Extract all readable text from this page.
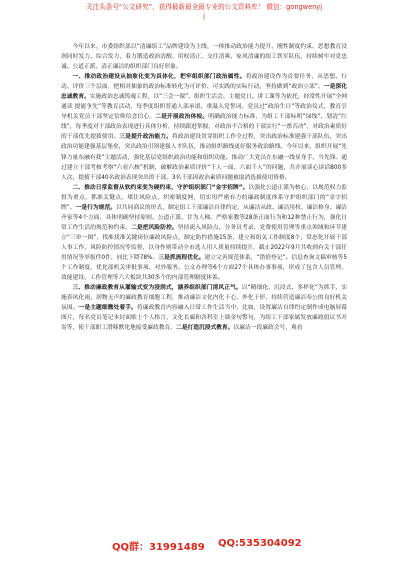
关注头条号“公文研究”，获得最新最全最专业的公文资料库！ 微信：gongwenyj
j

今年以来，市委组织部以“清廉组工”品牌建设为主线，一体推动政治能力提升、刚性制度约束、思想教育浸润同时发力、综合发力，着力锻造政治清醒、用权清正、交往清爽、家风清廉的组工铁军队伍，持续树牢对党忠诚、公道正派、清正廉洁的组织部门良好形象。

一、推动政治建设从抽象化变为具体化，把牢组织部门政治属性。将政治建设作为首要任务，从思想、行动、评价三个层面，把相对抽象的政治标准转化为可评价、可实践的实际行动，坚持做到“政治立部”。一是深化忠诚教育。实施政治忠诚铸魂工程，以“三会一课”、组织生活会、主题党日、讲工课等为依托，经常性开展“全网通读 提能争先”等教育活动，每季度组织普通人部承诺、重温入党誓词、党员过“政治生日”等政治仪式，教育引导机关党员干部坚定信仰信念信心。二是开展政治体检。明确政治能力标准，为组工干部标明“绿线”、划清“红线”，每季度对干部政治表现进行具体分析，持续跟进掌握，对政治不合格的干部实行“一票否决”，对政治素质好的干部优先提拔使用。三是提升政治能力。将政治建设贯穿组织工作全过程，突出政治标准建强干部队伍，突出政治功能建强基层堡垒，突出政治引领建强人才队伍，推动组织路线更好服务政治路线。今年以来，组织开展“先锋力量东融有我”主题活动，强化基层党组织政治功能和组织功能。推动广大党员在东融一线显身手、当先锋。通过建立干部考核考察“六看六核”机制，破解政治素质评价“千人一面、六面千人”的问题，共开展谈心谈话800多人次，提拔干部40名政治表现突出的干部，3名干部因政治素质问题被取消选拔使用资格。

二、推动日常监督从软约束变为硬约束，守护组织部门“金字招牌”。以强化公道正派为核心，以规范权力监督为重点，抓准关键点，堵住风险点，织密制度网，切实用严密有力的廉政制度体系守护组织部门的“金字招牌”。一是行为规范。以共同商议的形式，制定组工干部廉洁自律约定，从廉洁从政、廉洁用权、廉洁修身、廉洁齐家等4个方面，具体明确坚持原则、公道正派、甘为人梯、严格家教等28条正面行为和12种禁止行为，强化日常工作生活的规范和约束。二是把风险防控。坚持流入风险点、分务员考录、党费使用管理等重点领域和环节建立“三单一图”，找准找准关键岗位廉政风险点，制定防控措施15条，建立和组关工作制度8个，常态化开展干部人事工作、风险防控情况等监督，以身作则带动全市选人用人质量持续提升，截止2022年9月共收到有关干部任用情况等举报件0件，同比下降78%。三是抓流程优化。建立完善规范体系，“错情登记”、信息查询文稿审核等5个工作制度，优化部机关审批事项、对外服务、公文办理等6个方面27个具体办事事项，形成了包含人员管理、效能建设、工作管理等六大板块共30多个的内部管理制度体系。

三、推动廉政教育从灌输式变为浸润式，涵养组织部门清风正气。以“精细化、沉浸式、多样化”为抓手，实施春风化雨、润物无声的廉政教育细胞工程，推动廉洁文化内化于心、外化于形，持续营造廉洁奉公的良好机关氛围。一是主题细微处着手。将廉政教育内容融入日常工作生活当中。比如，设置廉洁自律约定制作成电脑屏幕图片，每名党员笔记本封面贴上个人格言，文化长廊和各科室上墙金句警句，为组工干部家属发放廉政倡议书并寄等，使干部职工潜移默化地接受廉政教育。二是打造沉浸式教育。以廉洁一段廉政会号，观看

QQ群：31991489 QQ:535304092
